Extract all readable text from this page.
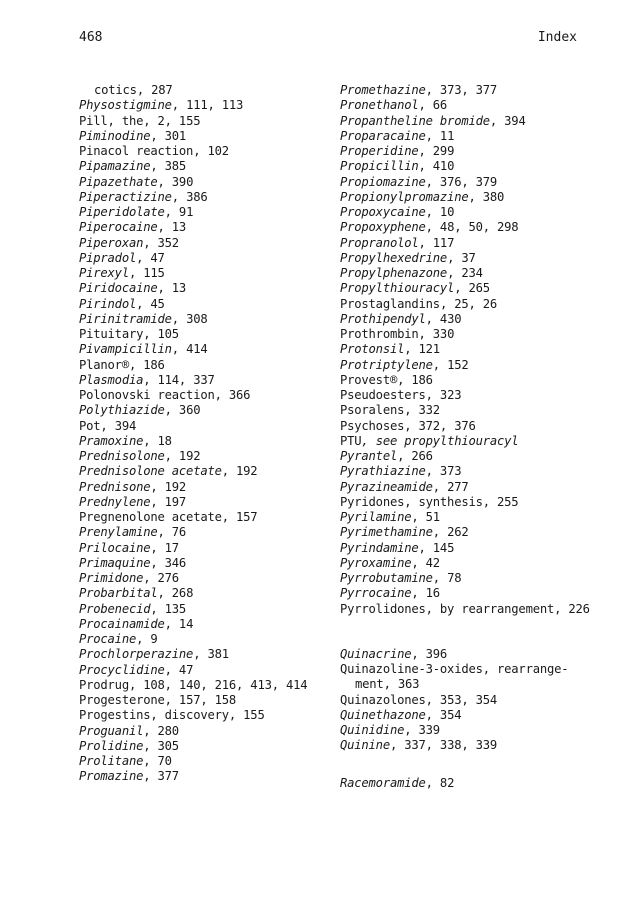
468	Index
cotics, 287
Physostigmine, 111, 113
Pill, the, 2, 155
Piminodine, 301
Pinacol reaction, 102
Pipamazine, 385
Pipazethate, 390
Piperactizine, 386
Piperidolate, 91
Piperocaine, 13
Piperoxan, 352
Pipradol, 47
Pirexyl, 115
Piridocaine, 13
Pirindol, 45
Pirinitramide, 308
Pituitary, 105
Pivampicillin, 414
Planor®, 186
Plasmodia, 114, 337
Polonovski reaction, 366
Polythiazide, 360
Pot, 394
Pramoxine, 18
Prednisolone, 192
Prednisolone acetate, 192
Prednisone, 192
Prednylene, 197
Pregnenolone acetate, 157
Prenylamine, 76
Prilocaine, 17
Primaquine, 346
Primidone, 276
Probarbital, 268
Probenecid, 135
Procainamide, 14
Procaine, 9
Prochlorperazine, 381
Procyclidine, 47
Prodrug, 108, 140, 216, 413, 414
Progesterone, 157, 158
Progestins, discovery, 155
Proguanil, 280
Prolidine, 305
Prolitane, 70
Promazine, 377
Promethazine, 373, 377
Pronethanol, 66
Propantheline bromide, 394
Proparacaine, 11
Properidine, 299
Propicillin, 410
Propiomazine, 376, 379
Propionylpromazine, 380
Propoxycaine, 10
Propoxyphene, 48, 50, 298
Propranolol, 117
Propylhexedrine, 37
Propylphenazone, 234
Propylthiouracyl, 265
Prostaglandins, 25, 26
Prothipendyl, 430
Prothrombin, 330
Protonsil, 121
Protriptylene, 152
Provest®, 186
Pseudoesters, 323
Psoralens, 332
Psychoses, 372, 376
PTU, see propylthiouracyl
Pyrantel, 266
Pyrathiazine, 373
Pyrazineamide, 277
Pyridones, synthesis, 255
Pyrilamine, 51
Pyrimethamine, 262
Pyrindamine, 145
Pyroxamine, 42
Pyrrobutamine, 78
Pyrrocaine, 16
Pyrrolidones, by rearrangement, 226
Quinacrine, 396
Quinazoline-3-oxides, rearrange-ment, 363
Quinazolones, 353, 354
Quinethazone, 354
Quinidine, 339
Quinine, 337, 338, 339
Racemoramide, 82
